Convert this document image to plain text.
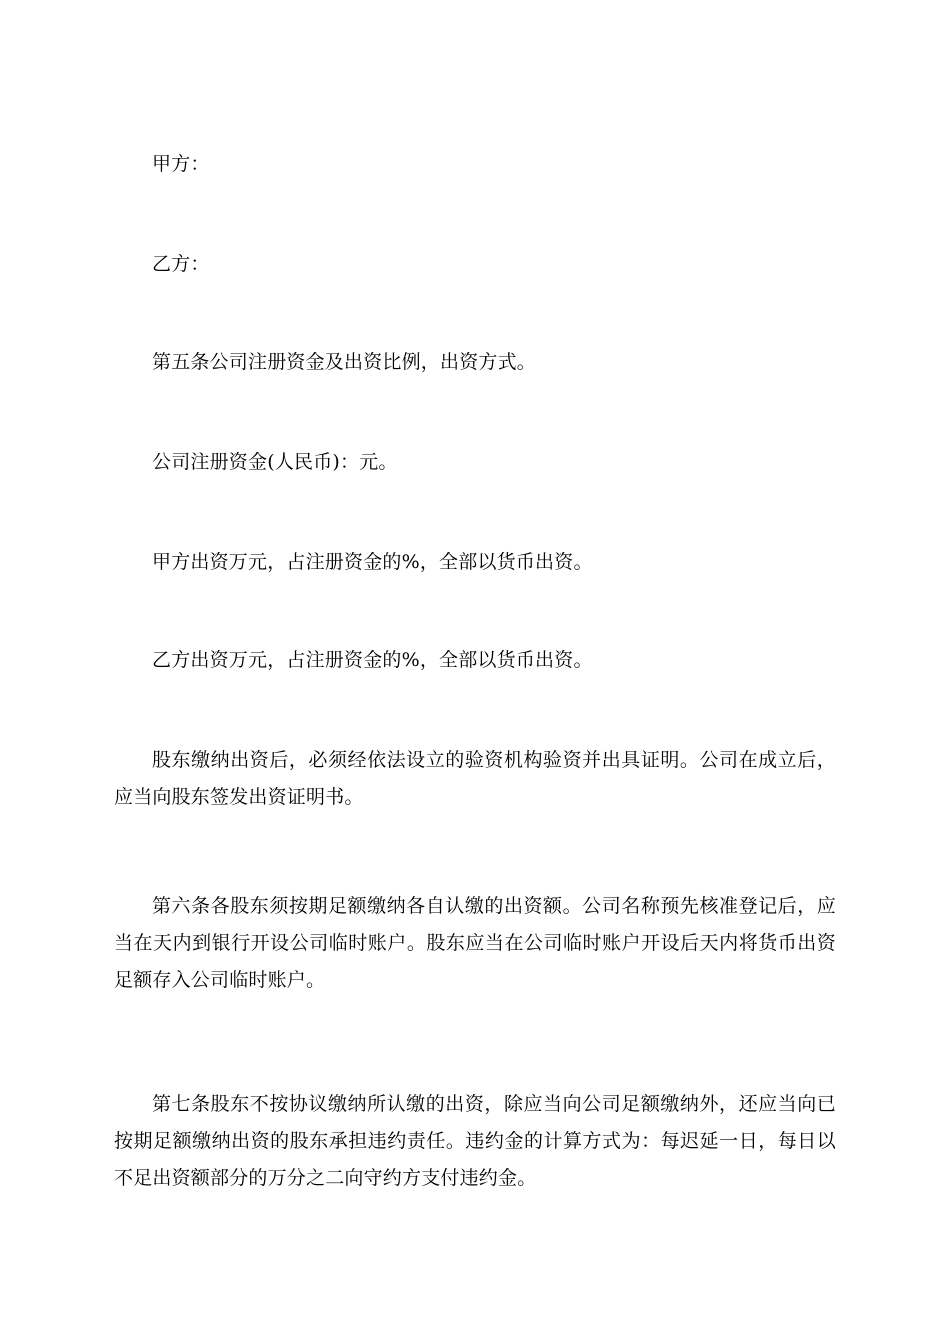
甲方：

乙方：

第五条公司注册资金及出资比例，出资方式。

公司注册资金(人民币)：元。

甲方出资万元，占注册资金的%，全部以货币出资。

乙方出资万元，占注册资金的%，全部以货币出资。

股东缴纳出资后，必须经依法设立的验资机构验资并出具证明。公司在成立后，应当向股东签发出资证明书。

第六条各股东须按期足额缴纳各自认缴的出资额。公司名称预先核准登记后，应当在天内到银行开设公司临时账户。股东应当在公司临时账户开设后天内将货币出资足额存入公司临时账户。

第七条股东不按协议缴纳所认缴的出资，除应当向公司足额缴纳外，还应当向已按期足额缴纳出资的股东承担违约责任。违约金的计算方式为：每迟延一日，每日以不足出资额部分的万分之二向守约方支付违约金。
